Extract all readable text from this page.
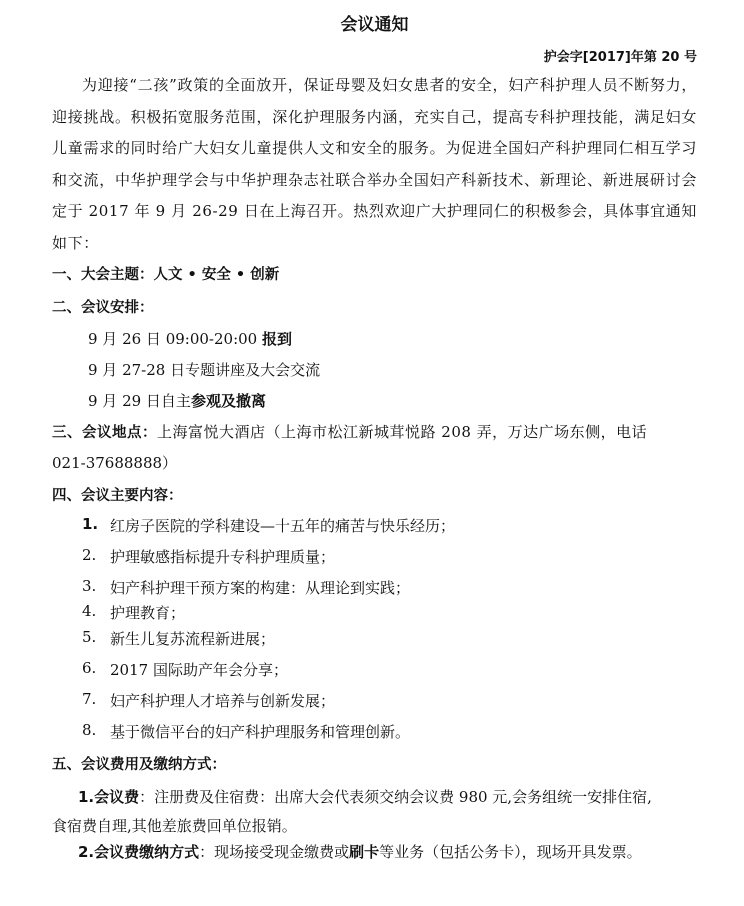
会议通知
护会字[2017]年第 20 号
为迎接“二孩”政策的全面放开，保证母婴及妇女患者的安全，妇产科护理人员不断努力，迎接挑战。积极拓宽服务范围，深化护理服务内涵，充实自己，提高专科护理技能，满足妇女儿童需求的同时给广大妇女儿童提供人文和安全的服务。为促进全国妇产科护理同仁相互学习和交流，中华护理学会与中华护理杂志社联合举办全国妇产科新技术、新理论、新进展研讨会定于 2017 年 9 月 26-29 日在上海召开。热烈欢迎广大护理同仁的积极参会，具体事宜通知如下：
一、大会主题：人文 • 安全 • 创新
二、会议安排：
9 月 26 日 09:00-20:00 报到
9 月 27-28 日专题讲座及大会交流
9 月 29 日自主参观及撤离
三、会议地点：上海富悦大酒店（上海市松江新城茸悦路 208 弄，万达广场东侧，电话
021-37688888）
四、会议主要内容：
1. 红房子医院的学科建设—十五年的痛苦与快乐经历；
2. 护理敏感指标提升专科护理质量；
3. 妇产科护理干预方案的构建：从理论到实践；
4. 护理教育；
5. 新生儿复苏流程新进展；
6. 2017 国际助产年会分享；
7. 妇产科护理人才培养与创新发展；
8. 基于微信平台的妇产科护理服务和管理创新。
五、会议费用及缴纳方式：
1.会议费：注册费及住宿费：出席大会代表须交纳会议费 980 元,会务组统一安排住宿,
食宿费自理,其他差旅费回单位报销。
2.会议费缴纳方式：现场接受现金缴费或刷卡等业务（包括公务卡），现场开具发票。
